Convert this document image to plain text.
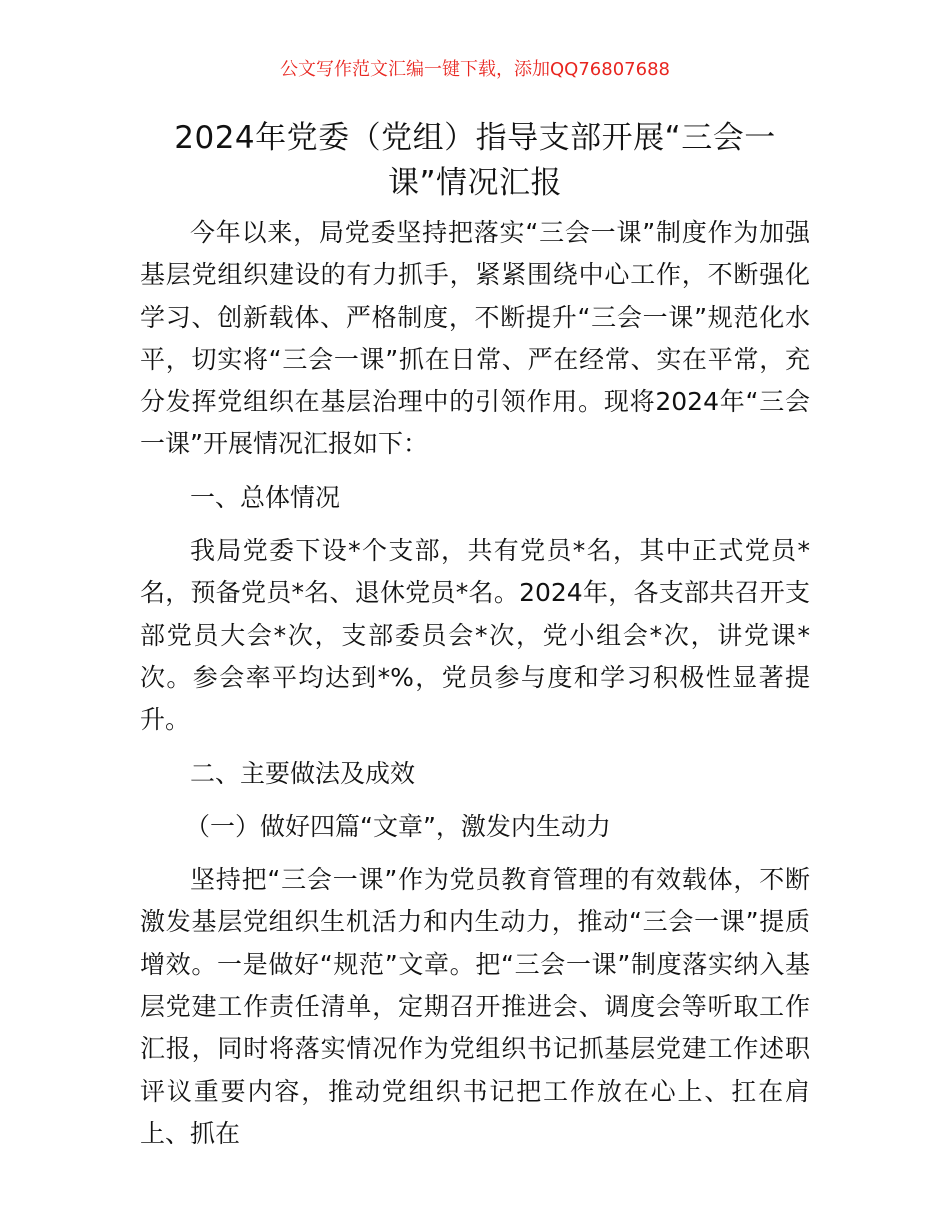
公文写作范文汇编一键下载，添加QQ76807688
2024年党委（党组）指导支部开展“三会一课”情况汇报

今年以来，局党委坚持把落实“三会一课”制度作为加强基层党组织建设的有力抓手，紧紧围绕中心工作，不断强化学习、创新载体、严格制度，不断提升“三会一课”规范化水平，切实将“三会一课”抓在日常、严在经常、实在平常，充分发挥党组织在基层治理中的引领作用。现将2024年“三会一课”开展情况汇报如下：

一、总体情况

我局党委下设*个支部，共有党员*名，其中正式党员*名，预备党员*名、退休党员*名。2024年，各支部共召开支部党员大会*次，支部委员会*次，党小组会*次，讲党课*次。参会率平均达到*%，党员参与度和学习积极性显著提升。

二、主要做法及成效

（一）做好四篇“文章”，激发内生动力

坚持把“三会一课”作为党员教育管理的有效载体，不断激发基层党组织生机活力和内生动力，推动“三会一课”提质增效。一是做好“规范”文章。把“三会一课”制度落实纳入基层党建工作责任清单，定期召开推进会、调度会等听取工作汇报，同时将落实情况作为党组织书记抓基层党建工作述职评议重要内容，推动党组织书记把工作放在心上、扛在肩上、抓在
